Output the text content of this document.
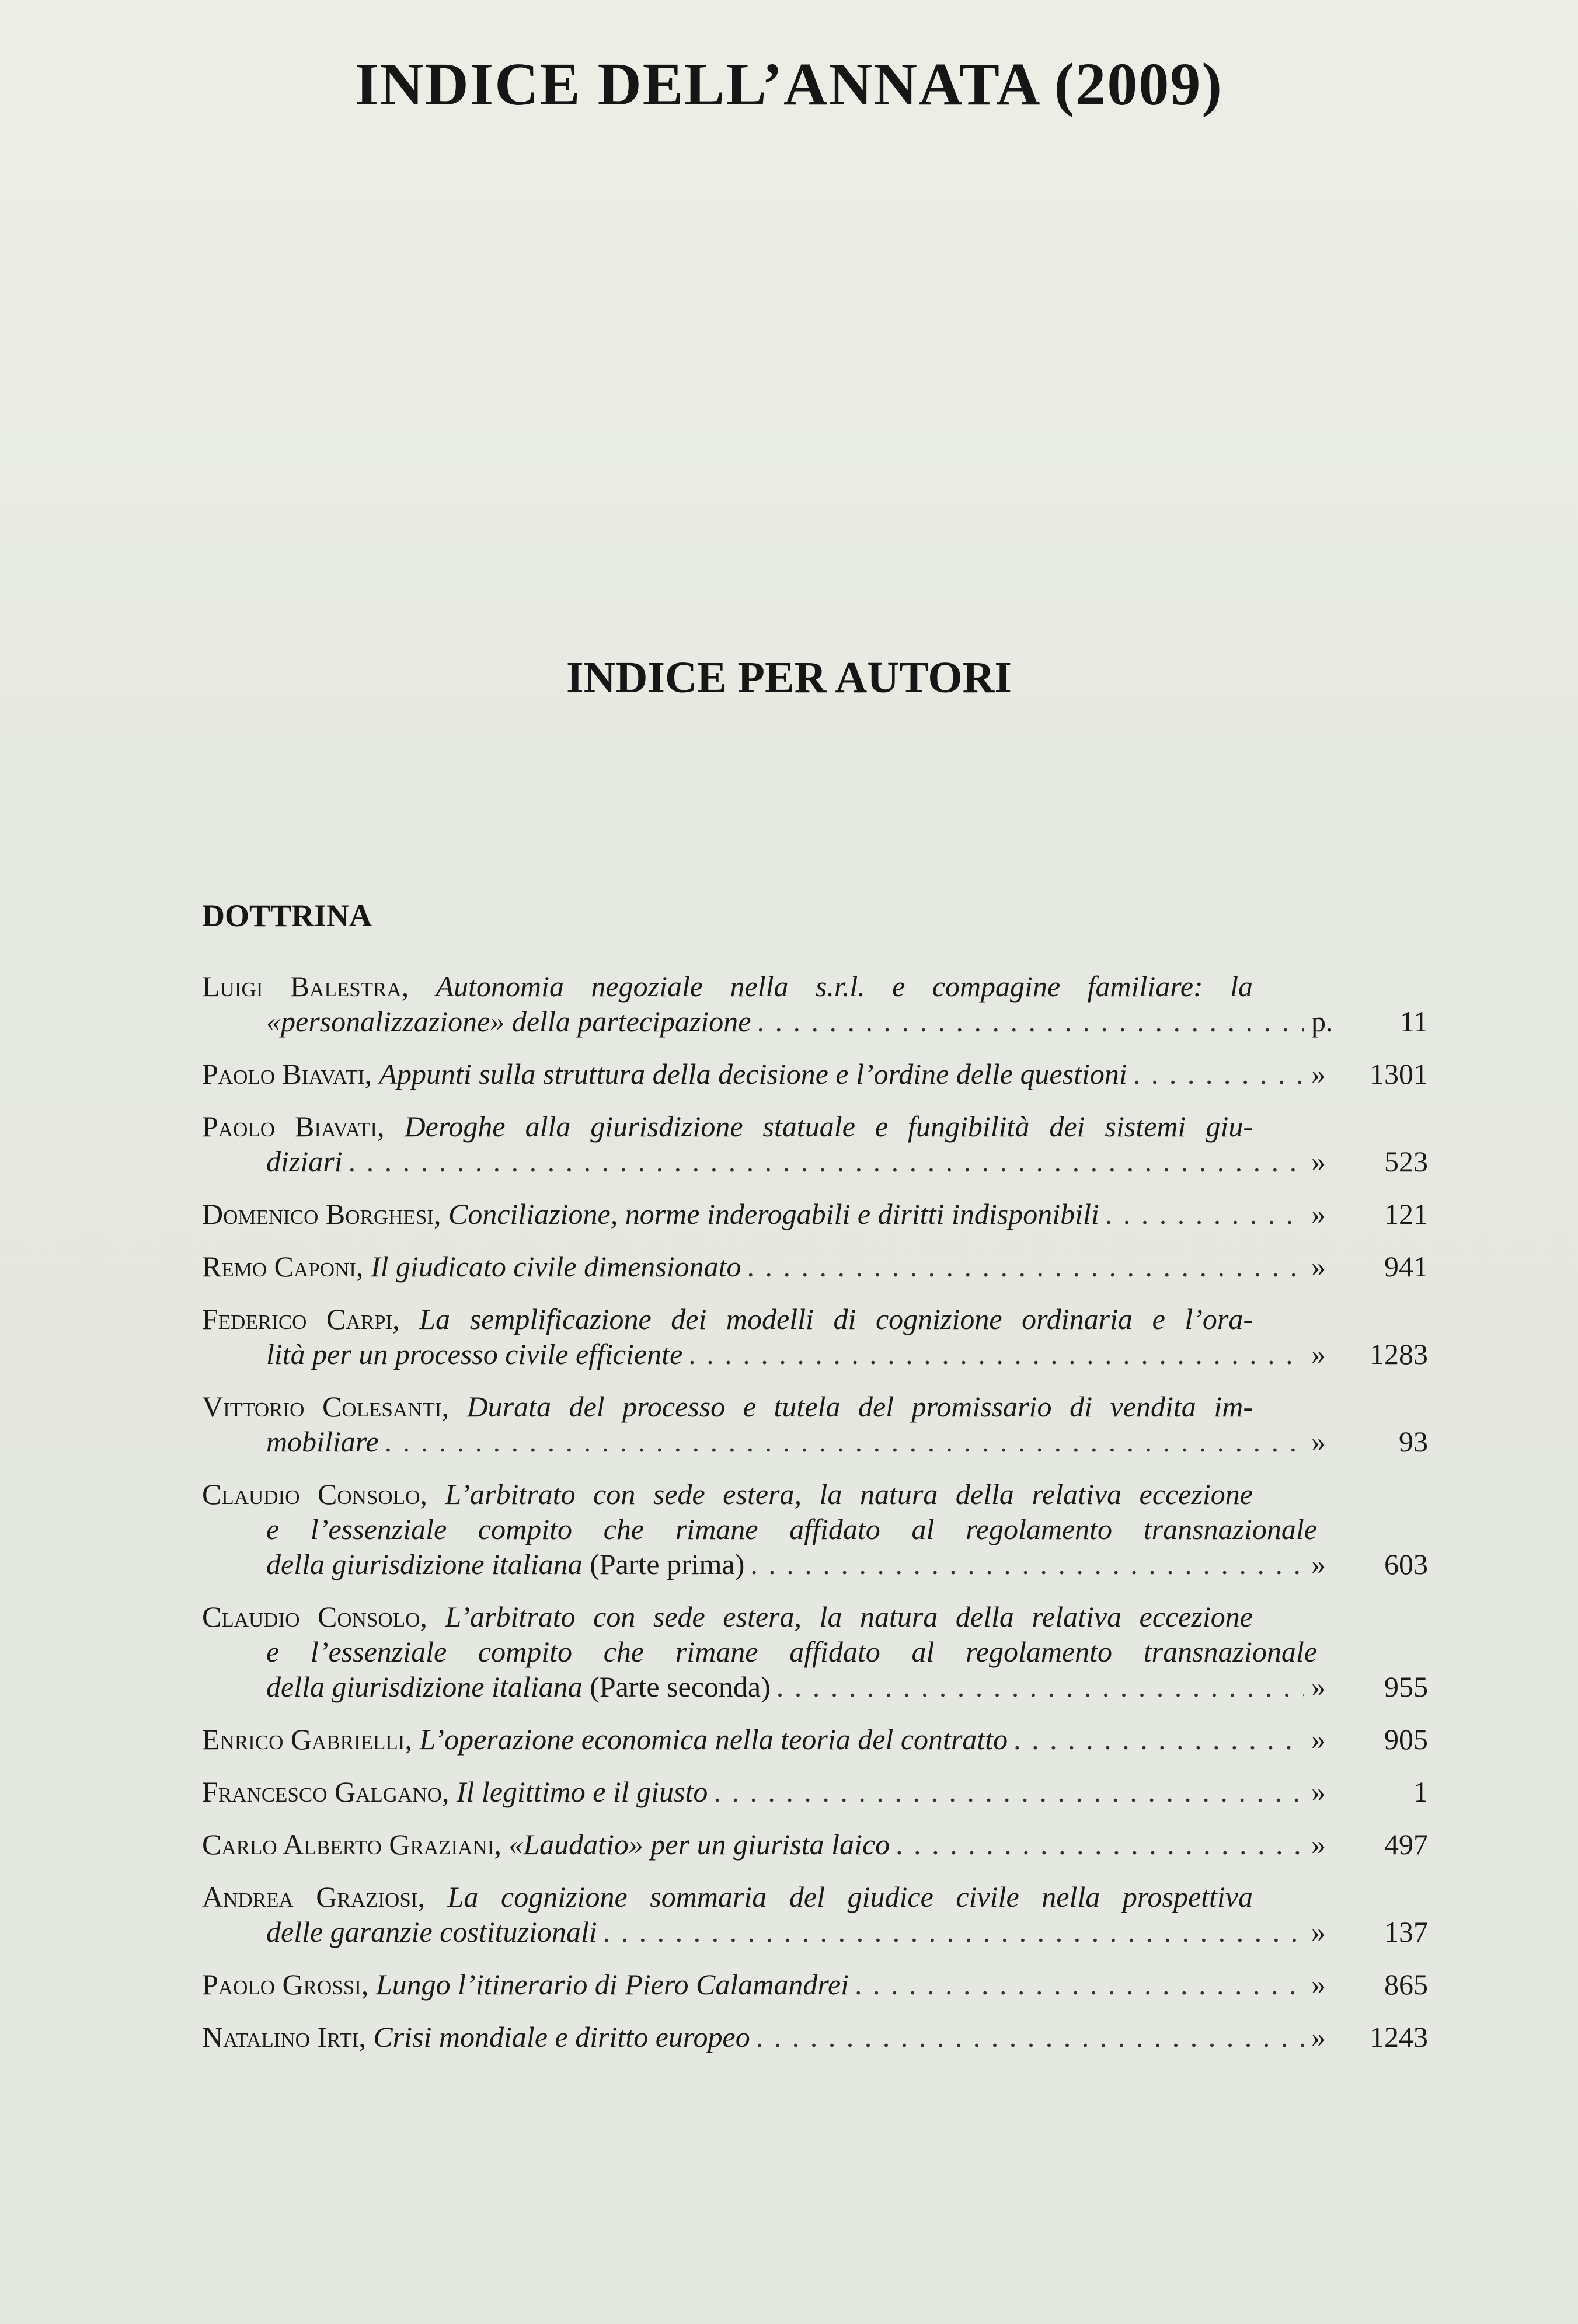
INDICE DELL’ANNATA (2009)
INDICE PER AUTORI
DOTTRINA
Luigi Balestra, Autonomia negoziale nella s.r.l. e compagine familiare: la
«personalizzazione» della partecipazione . . .	p.	11
Paolo Biavati, Appunti sulla struttura della decisione e l’ordine delle questioni . . .	»	1301
Paolo Biavati, Deroghe alla giurisdizione statuale e fungibilità dei sistemi giu-
diziari . . .	»	523
Domenico Borghesi, Conciliazione, norme inderogabili e diritti indisponibili . . .	»	121
Remo Caponi, Il giudicato civile dimensionato . . .	»	941
Federico Carpi, La semplificazione dei modelli di cognizione ordinaria e l’ora-
lità per un processo civile efficiente . . .	»	1283
Vittorio Colesanti, Durata del processo e tutela del promissario di vendita im-
mobiliare . . .	»	93
Claudio Consolo, L’arbitrato con sede estera, la natura della relativa eccezione
e l’essenziale compito che rimane affidato al regolamento transnazionale
della giurisdizione italiana (Parte prima) . . .	»	603
Claudio Consolo, L’arbitrato con sede estera, la natura della relativa eccezione
e l’essenziale compito che rimane affidato al regolamento transnazionale
della giurisdizione italiana (Parte seconda) . . .	»	955
Enrico Gabrielli, L’operazione economica nella teoria del contratto . . .	»	905
Francesco Galgano, Il legittimo e il giusto . . .	»	1
Carlo Alberto Graziani, «Laudatio» per un giurista laico . . .	»	497
Andrea Graziosi, La cognizione sommaria del giudice civile nella prospettiva
delle garanzie costituzionali . . .	»	137
Paolo Grossi, Lungo l’itinerario di Piero Calamandrei . . .	»	865
Natalino Irti, Crisi mondiale e diritto europeo . . .	»	1243
